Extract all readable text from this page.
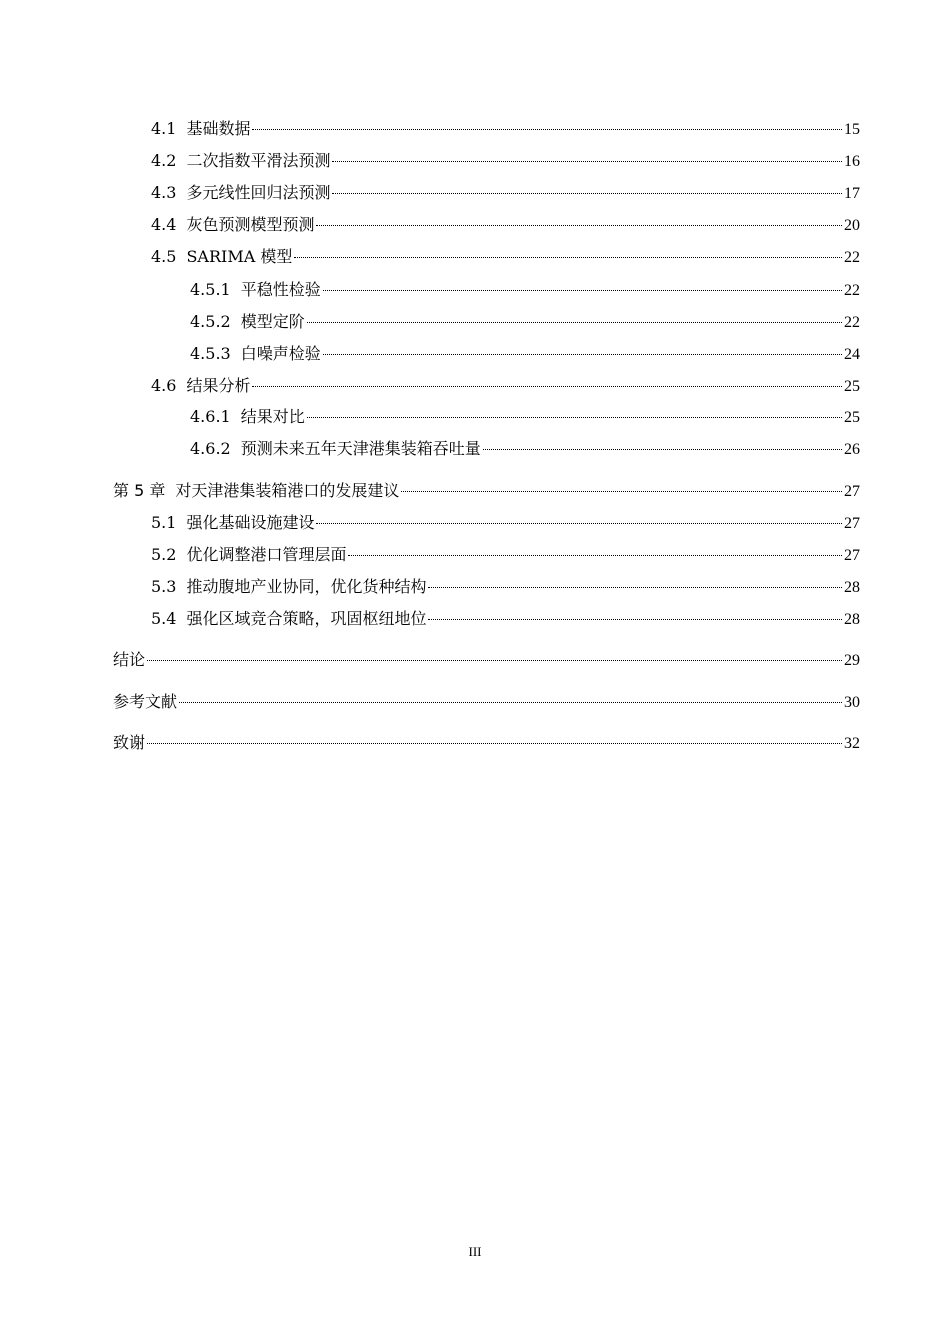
4.1 基础数据	15
4.2 二次指数平滑法预测	16
4.3 多元线性回归法预测	17
4.4 灰色预测模型预测	20
4.5 SARIMA 模型	22
4.5.1 平稳性检验	22
4.5.2 模型定阶	22
4.5.3 白噪声检验	24
4.6 结果分析	25
4.6.1 结果对比	25
4.6.2 预测未来五年天津港集装箱吞吐量	26
第 5 章 对天津港集装箱港口的发展建议	27
5.1 强化基础设施建设	27
5.2 优化调整港口管理层面	27
5.3 推动腹地产业协同，优化货种结构	28
5.4 强化区域竞合策略，巩固枢纽地位	28
结论	29
参考文献	30
致谢	32
III
